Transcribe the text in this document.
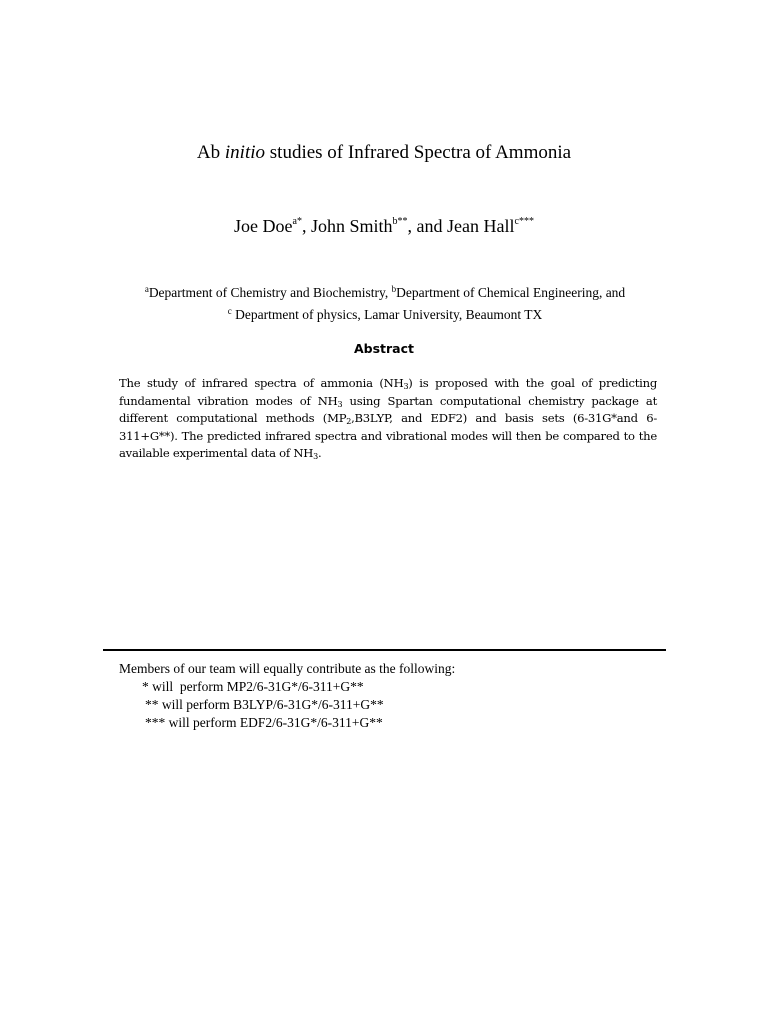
Ab initio studies of Infrared Spectra of Ammonia
Joe Doe$^{a*}$, John Smith$^{b**}$, and Jean Hall$^{c***}$
$^a$Department of Chemistry and Biochemistry, $^b$Department of Chemical Engineering, and
$^c$ Department of physics, Lamar University, Beaumont TX
Abstract
The study of infrared spectra of ammonia $(NH_3)$ is proposed with the goal of predicting fundamental vibration modes of $NH_3$ using Spartan computational chemistry package at different computational methods ($MP_2,B3LYP$, and EDF2) and basis sets (6-31G*and 6-311+G**). The predicted infrared spectra and vibrational modes will then be compared to the available experimental data of $NH_3$.
Members of our team will equally contribute as the following:
* will  perform MP2/6-31G*/6-311+G**
** will perform B3LYP/6-31G*/6-311+G**
*** will perform EDF2/6-31G*/6-311+G**
